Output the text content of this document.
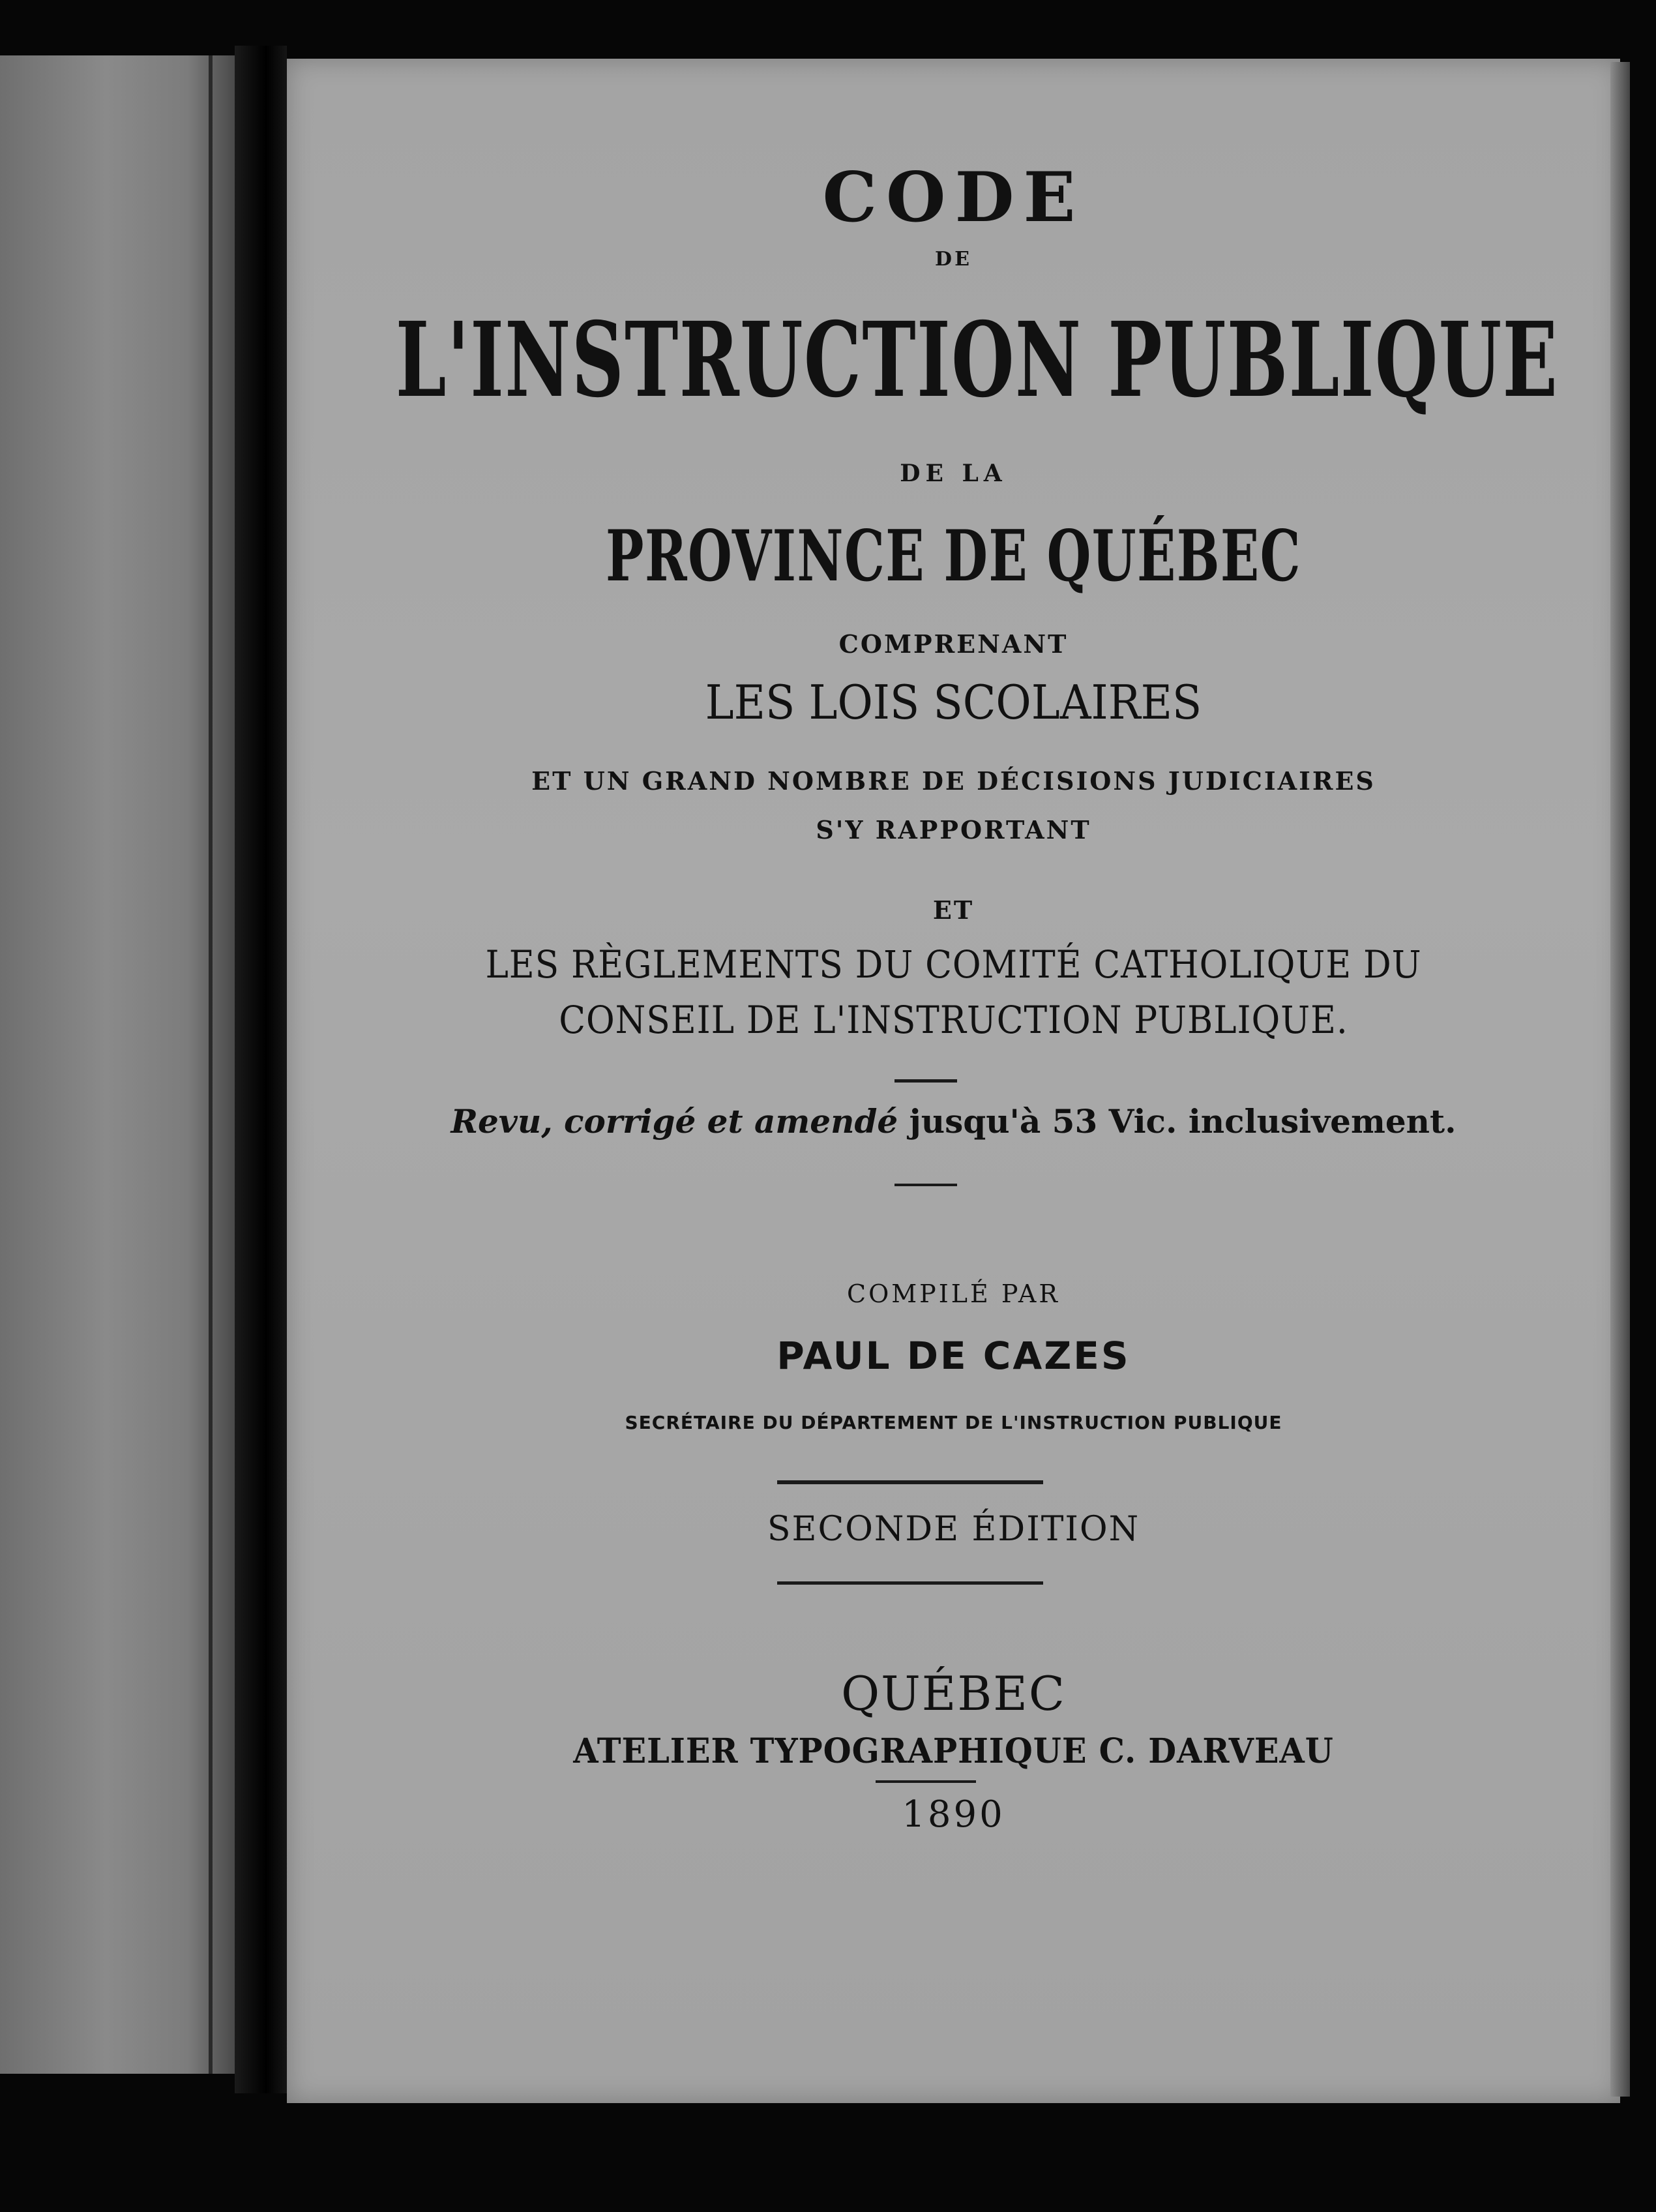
CODE
DE
L'INSTRUCTION PUBLIQUE
DE LA
PROVINCE DE QUÉBEC
COMPRENANT
LES LOIS SCOLAIRES
ET UN GRAND NOMBRE DE DÉCISIONS JUDICIAIRES
S'Y RAPPORTANT
ET
LES RÈGLEMENTS DU COMITÉ CATHOLIQUE DU
CONSEIL DE L'INSTRUCTION PUBLIQUE.
Revu, corrigé et amendé jusqu'à 53 Vic. inclusivement.
COMPILÉ PAR
PAUL DE CAZES
SECRÉTAIRE DU DÉPARTEMENT DE L'INSTRUCTION PUBLIQUE
SECONDE ÉDITION
QUÉBEC
ATELIER TYPOGRAPHIQUE C. DARVEAU
1890
